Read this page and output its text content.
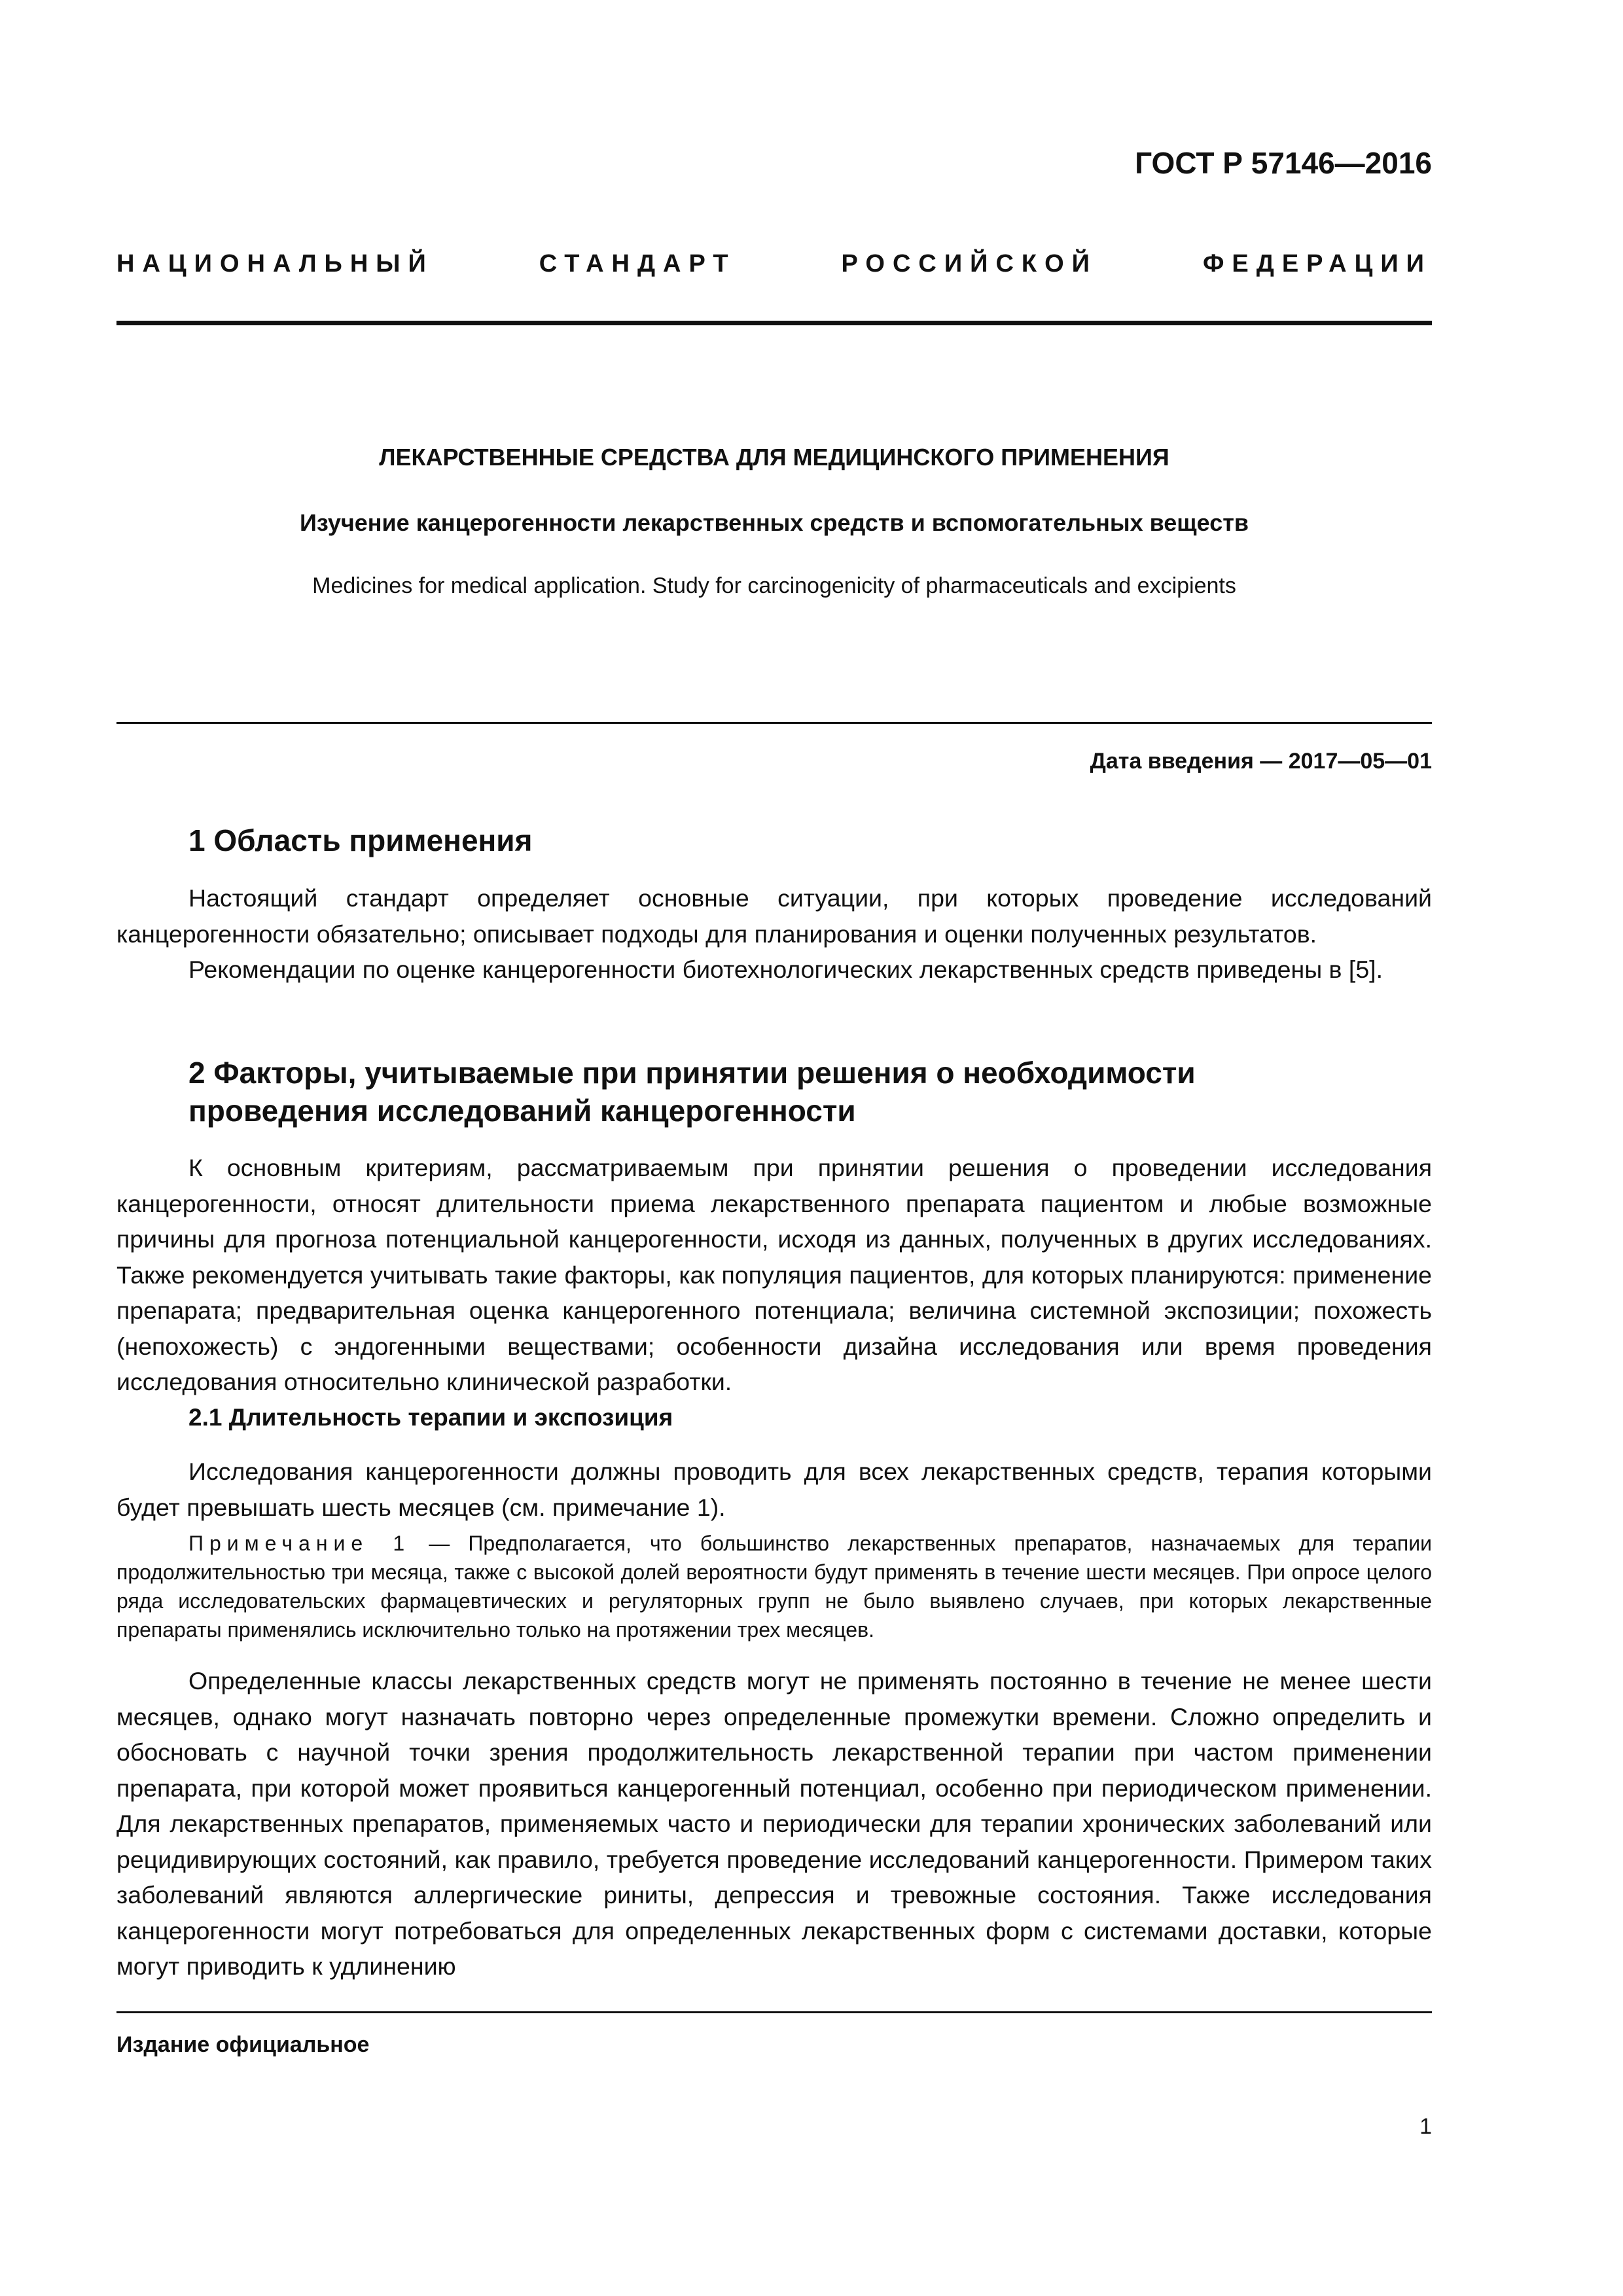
ГОСТ Р 57146—2016
НАЦИОНАЛЬНЫЙ СТАНДАРТ РОССИЙСКОЙ ФЕДЕРАЦИИ
ЛЕКАРСТВЕННЫЕ СРЕДСТВА ДЛЯ МЕДИЦИНСКОГО ПРИМЕНЕНИЯ
Изучение канцерогенности лекарственных средств и вспомогательных веществ
Medicines for medical application. Study for carcinogenicity of pharmaceuticals and excipients
Дата введения — 2017—05—01
1 Область применения

Настоящий стандарт определяет основные ситуации, при которых проведение исследований канцерогенности обязательно; описывает подходы для планирования и оценки полученных результатов.

Рекомендации по оценке канцерогенности биотехнологических лекарственных средств приведены в [5].

2 Факторы, учитываемые при принятии решения о необходимости
проведения исследований канцерогенности

К основным критериям, рассматриваемым при принятии решения о проведении исследования канцерогенности, относят длительности приема лекарственного препарата пациентом и любые возможные причины для прогноза потенциальной канцерогенности, исходя из данных, полученных в других исследованиях. Также рекомендуется учитывать такие факторы, как популяция пациентов, для которых планируются: применение препарата; предварительная оценка канцерогенного потенциала; величина системной экспозиции; похожесть (непохожесть) с эндогенными веществами; особенности дизайна исследования или время проведения исследования относительно клинической разработки.

2.1 Длительность терапии и экспозиция

Исследования канцерогенности должны проводить для всех лекарственных средств, терапия которыми будет превышать шесть месяцев (см. примечание 1).

Примечание 1 — Предполагается, что большинство лекарственных препаратов, назначаемых для терапии продолжительностью три месяца, также с высокой долей вероятности будут применять в течение шести месяцев. При опросе целого ряда исследовательских фармацевтических и регуляторных групп не было выявлено случаев, при которых лекарственные препараты применялись исключительно только на протяжении трех месяцев.

Определенные классы лекарственных средств могут не применять постоянно в течение не менее шести месяцев, однако могут назначать повторно через определенные промежутки времени. Сложно определить и обосновать с научной точки зрения продолжительность лекарственной терапии при частом применении препарата, при которой может проявиться канцерогенный потенциал, особенно при периодическом применении. Для лекарственных препаратов, применяемых часто и периодически для терапии хронических заболеваний или рецидивирующих состояний, как правило, требуется проведение исследований канцерогенности. Примером таких заболеваний являются аллергические риниты, депрессия и тревожные состояния. Также исследования канцерогенности могут потребоваться для определенных лекарственных форм с системами доставки, которые могут приводить к удлинению

Издание официальное
1
